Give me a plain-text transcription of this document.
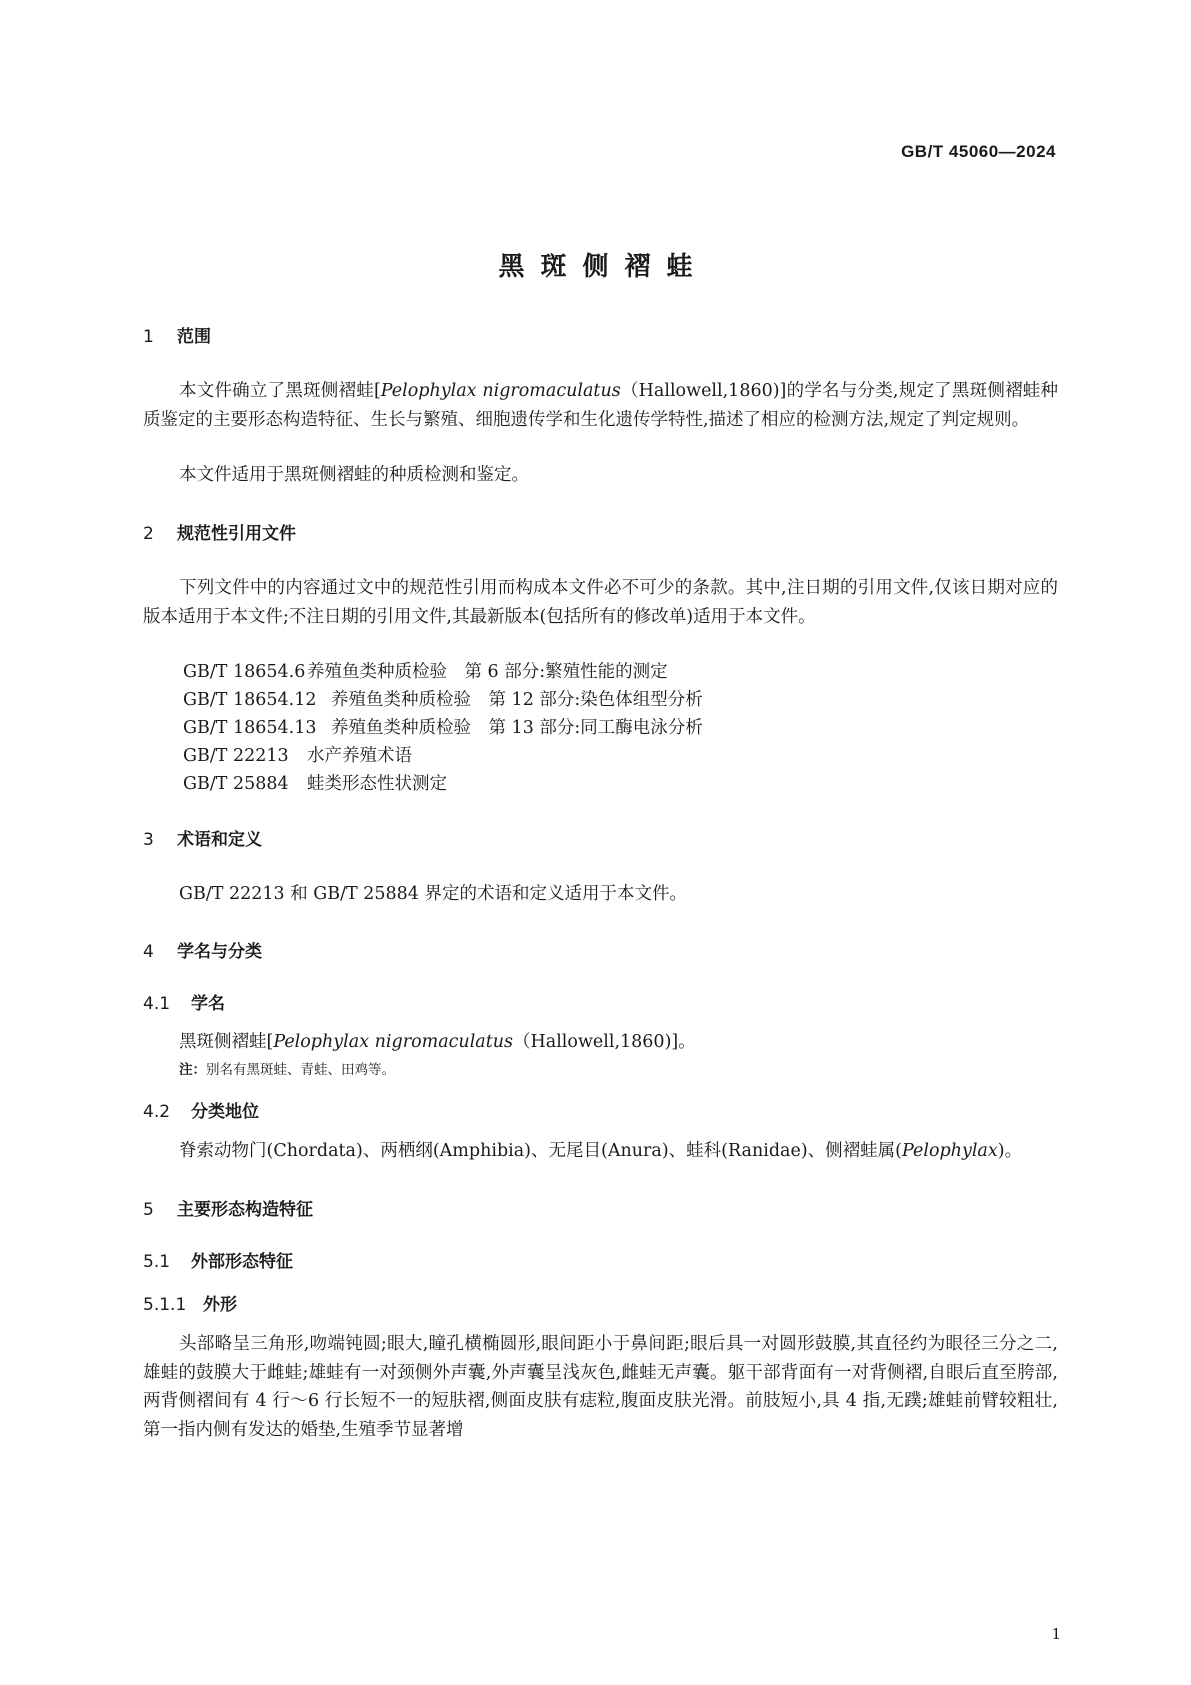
GB/T 45060—2024
黑斑侧褶蛙
1 范围
本文件确立了黑斑侧褶蛙[Pelophylax nigromaculatus（Hallowell,1860)]的学名与分类,规定了黑斑侧褶蛙种质鉴定的主要形态构造特征、生长与繁殖、细胞遗传学和生化遗传学特性,描述了相应的检测方法,规定了判定规则。
本文件适用于黑斑侧褶蛙的种质检测和鉴定。
2 规范性引用文件
下列文件中的内容通过文中的规范性引用而构成本文件必不可少的条款。其中,注日期的引用文件,仅该日期对应的版本适用于本文件;不注日期的引用文件,其最新版本(包括所有的修改单)适用于本文件。
GB/T 18654.6养殖鱼类种质检验　第 6 部分:繁殖性能的测定
GB/T 18654.12 养殖鱼类种质检验　第 12 部分:染色体组型分析
GB/T 18654.13 养殖鱼类种质检验　第 13 部分:同工酶电泳分析
GB/T 22213 水产养殖术语
GB/T 25884 蛙类形态性状测定
3 术语和定义
GB/T 22213 和 GB/T 25884 界定的术语和定义适用于本文件。
4 学名与分类
4.1 学名
黑斑侧褶蛙[Pelophylax nigromaculatus（Hallowell,1860)]。
注：别名有黑斑蛙、青蛙、田鸡等。
4.2 分类地位
脊索动物门(Chordata)、两栖纲(Amphibia)、无尾目(Anura)、蛙科(Ranidae)、侧褶蛙属(Pelophylax)。
5 主要形态构造特征
5.1 外部形态特征
5.1.1 外形
头部略呈三角形,吻端钝圆;眼大,瞳孔横椭圆形,眼间距小于鼻间距;眼后具一对圆形鼓膜,其直径约为眼径三分之二,雄蛙的鼓膜大于雌蛙;雄蛙有一对颈侧外声囊,外声囊呈浅灰色,雌蛙无声囊。躯干部背面有一对背侧褶,自眼后直至胯部,两背侧褶间有 4 行～6 行长短不一的短肤褶,侧面皮肤有痣粒,腹面皮肤光滑。前肢短小,具 4 指,无蹼;雄蛙前臂较粗壮,第一指内侧有发达的婚垫,生殖季节显著增
1
